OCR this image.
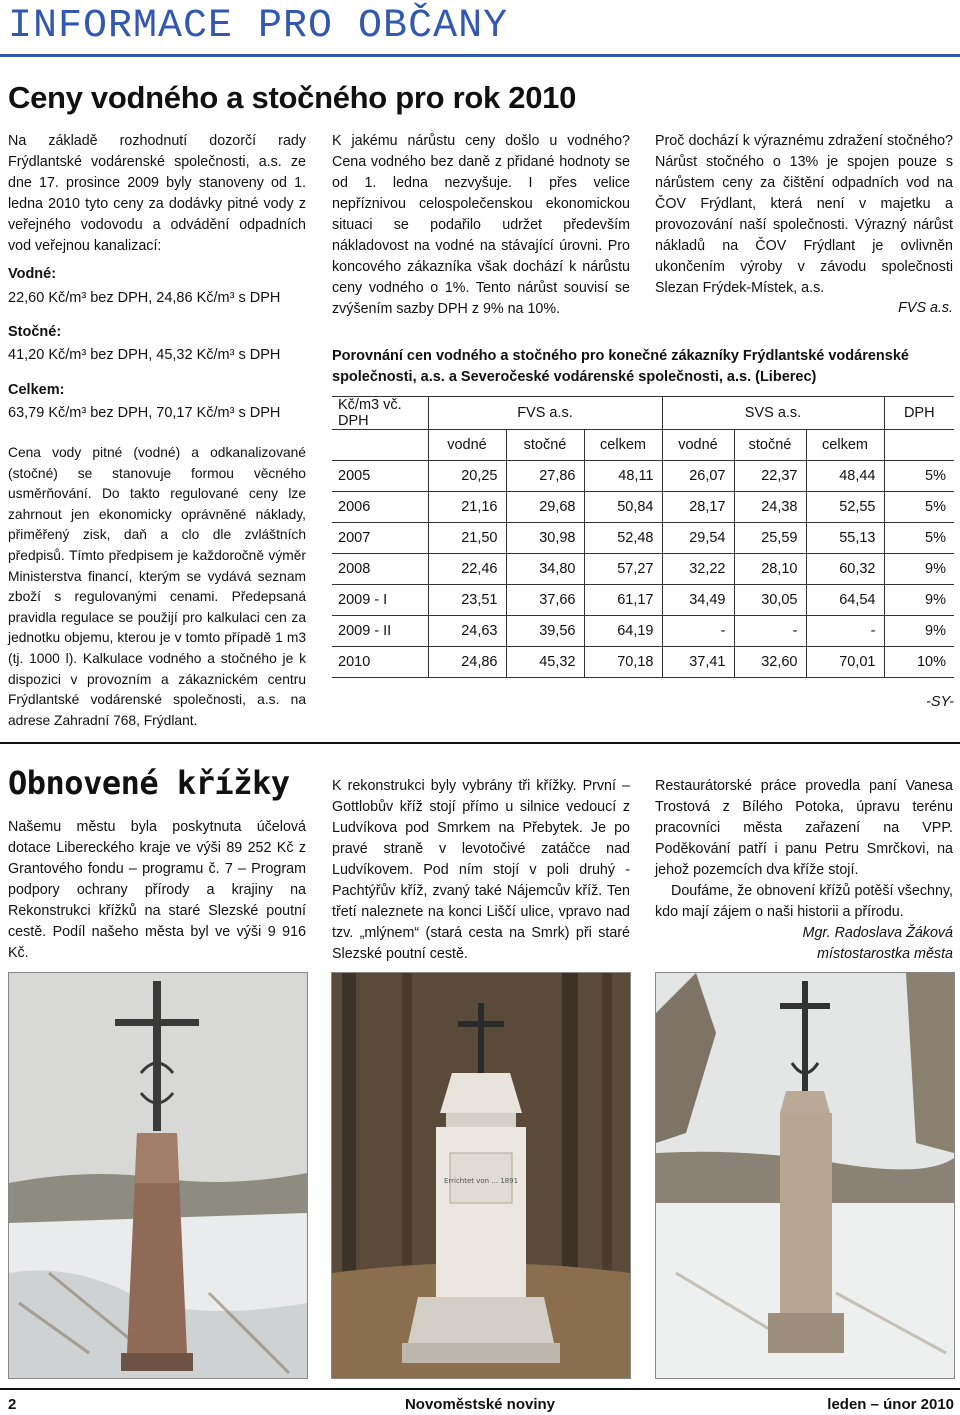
INFORMACE PRO OBČANY
Ceny vodného a stočného pro rok 2010

Na základě rozhodnutí dozorčí rady Frýdlantské vodárenské společnosti, a.s. ze dne 17. prosince 2009 byly stanoveny od 1. ledna 2010 tyto ceny za dodávky pitné vody z veřejného vodovodu a odvádění odpadních vod veřejnou kanalizací:

Vodné:
22,60 Kč/m³ bez DPH, 24,86 Kč/m³ s DPH
Stočné:
41,20 Kč/m³ bez DPH, 45,32 Kč/m³ s DPH
Celkem:
63,79 Kč/m³ bez DPH, 70,17 Kč/m³ s DPH

Cena vody pitné (vodné) a odkanalizované (stočné) se stanovuje formou věcného usměrňování. Do takto regulované ceny lze zahrnout jen ekonomicky oprávněné náklady, přiměřený zisk, daň a clo dle zvláštních předpisů. Tímto předpisem je každoročně výměr Ministerstva financí, kterým se vydává seznam zboží s regulovanými cenami. Předepsaná pravidla regulace se použijí pro kalkulaci cen za jednotku objemu, kterou je v tomto případě 1 m3 (tj. 1000 l). Kalkulace vodného a stočného je k dispozici v provozním a zákaznickém centru Frýdlantské vodárenské společnosti, a.s. na adrese Zahradní 768, Frýdlant.

K jakému nárůstu ceny došlo u vodného? Cena vodného bez daně z přidané hodnoty se od 1. ledna nezvyšuje. I přes velice nepříznivou celospolečenskou ekonomickou situaci se podařilo udržet především nákladovost na vodné na stávající úrovni. Pro koncového zákazníka však dochází k nárůstu ceny vodného o 1%. Tento nárůst souvisí se zvýšením sazby DPH z 9% na 10%.

Proč dochází k výraznému zdražení stočného? Nárůst stočného o 13% je spojen pouze s nárůstem ceny za čištění odpadních vod na ČOV Frýdlant, která není v majetku a provozování naší společnosti. Výrazný nárůst nákladů na ČOV Frýdlant je ovlivněn ukončením výroby v závodu společnosti Slezan Frýdek-Místek, a.s.

FVS a.s.
Porovnání cen vodného a stočného pro konečné zákazníky Frýdlantské vodárenské společnosti, a.s. a Severočeské vodárenské společnosti, a.s. (Liberec)
Kč/m3 vč. DPH	FVS a.s.			SVS a.s.			DPH
	vodné	stočné	celkem	vodné	stočné	celkem	
2005	20,25	27,86	48,11	26,07	22,37	48,44	5%
2006	21,16	29,68	50,84	28,17	24,38	52,55	5%
2007	21,50	30,98	52,48	29,54	25,59	55,13	5%
2008	22,46	34,80	57,27	32,22	28,10	60,32	9%
2009 - I	23,51	37,66	61,17	34,49	30,05	64,54	9%
2009 - II	24,63	39,56	64,19	-	-	-	9%
2010	24,86	45,32	70,18	37,41	32,60	70,01	10%
-SY-
Obnovené křížky

Našemu městu byla poskytnuta účelová dotace Libereckého kraje ve výši 89 252 Kč z Grantového fondu – programu č. 7 – Program podpory ochrany přírody a krajiny na Rekonstrukci křížků na staré Slezské poutní cestě. Podíl našeho města byl ve výši 9 916 Kč.

K rekonstrukci byly vybrány tři křížky. První – Gottlobův kříž stojí přímo u silnice vedoucí z Ludvíkova pod Smrkem na Přebytek. Je po pravé straně v levotočivé zatáčce nad Ludvíkovem. Pod ním stojí v poli druhý - Pachtýřův kříž, zvaný také Nájemcův kříž. Ten třetí naleznete na konci Liščí ulice, vpravo nad tzv. „mlýnem“ (stará cesta na Smrk) při staré Slezské poutní cestě.

Restaurátorské práce provedla paní Vanesa Trostová z Bílého Potoka, úpravu terénu pracovníci města zařazení na VPP. Poděkování patří i panu Petru Smrčkovi, na jehož pozemcích dva kříže stojí.

Doufáme, že obnovení křížů potěší všechny, kdo mají zájem o naši historii a přírodu.

Mgr. Radoslava Žáková
místostarostka města
Errichtet von ... 1891
2	Novoměstské noviny	leden – únor 2010
